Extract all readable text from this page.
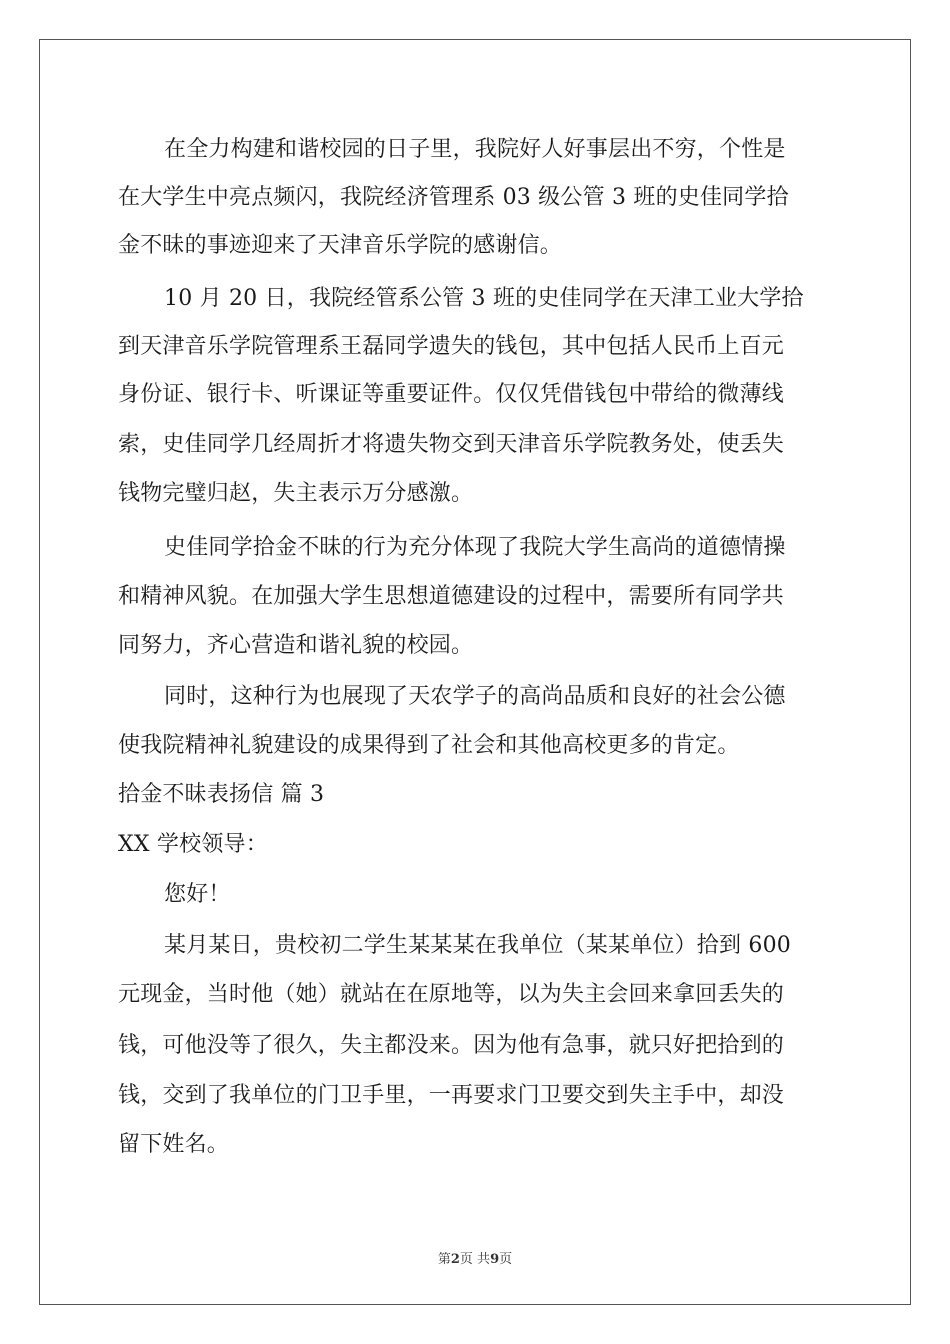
在全力构建和谐校园的日子里，我院好人好事层出不穷，个性是
在大学生中亮点频闪，我院经济管理系 03 级公管 3 班的史佳同学拾
金不昧的事迹迎来了天津音乐学院的感谢信。
10 月 20 日，我院经管系公管 3 班的史佳同学在天津工业大学拾
到天津音乐学院管理系王磊同学遗失的钱包，其中包括人民币上百元
身份证、银行卡、听课证等重要证件。仅仅凭借钱包中带给的微薄线
索，史佳同学几经周折才将遗失物交到天津音乐学院教务处，使丢失
钱物完璧归赵，失主表示万分感激。
史佳同学拾金不昧的行为充分体现了我院大学生高尚的道德情操
和精神风貌。在加强大学生思想道德建设的过程中，需要所有同学共
同努力，齐心营造和谐礼貌的校园。
同时，这种行为也展现了天农学子的高尚品质和良好的社会公德
使我院精神礼貌建设的成果得到了社会和其他高校更多的肯定。
拾金不昧表扬信 篇 3
XX 学校领导：
您好！
某月某日，贵校初二学生某某某在我单位（某某单位）拾到 600
元现金，当时他（她）就站在在原地等，以为失主会回来拿回丢失的
钱，可他没等了很久，失主都没来。因为他有急事，就只好把拾到的
钱，交到了我单位的门卫手里，一再要求门卫要交到失主手中，却没
留下姓名。
第2页 共9页
